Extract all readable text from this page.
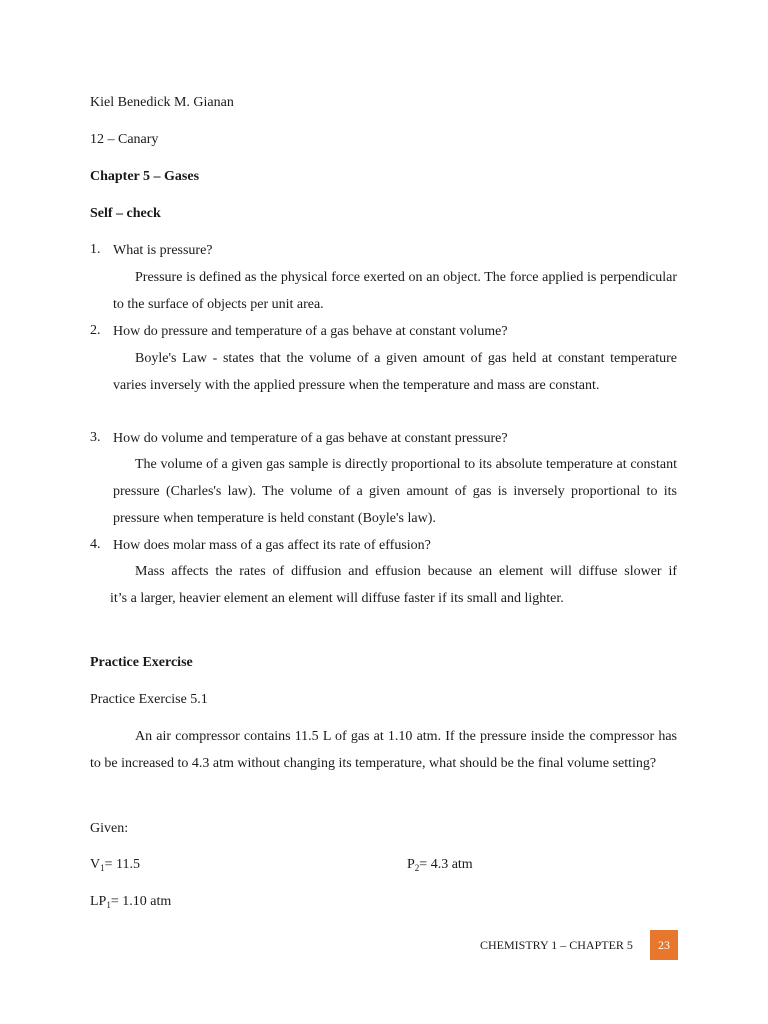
Kiel Benedick M. Gianan
12 – Canary
Chapter 5 – Gases
Self – check
1. What is pressure?
Pressure is defined as the physical force exerted on an object. The force applied is perpendicular to the surface of objects per unit area.
2. How do pressure and temperature of a gas behave at constant volume?
Boyle's Law - states that the volume of a given amount of gas held at constant temperature varies inversely with the applied pressure when the temperature and mass are constant.
3. How do volume and temperature of a gas behave at constant pressure?
The volume of a given gas sample is directly proportional to its absolute temperature at constant pressure (Charles's law). The volume of a given amount of gas is inversely proportional to its pressure when temperature is held constant (Boyle's law).
4. How does molar mass of a gas affect its rate of effusion?
Mass affects the rates of diffusion and effusion because an element will diffuse slower if
it’s a larger, heavier element an element will diffuse faster if its small and lighter.
Practice Exercise
Practice Exercise 5.1
An air compressor contains 11.5 L of gas at 1.10 atm. If the pressure inside the compressor has to be increased to 4.3 atm without changing its temperature, what should be the final volume setting?
Given:
$V_1= 11.5$	$P_2= 4.3$ atm
$LP_1= 1.10$ atm
CHEMISTRY 1 – CHAPTER 5	23
